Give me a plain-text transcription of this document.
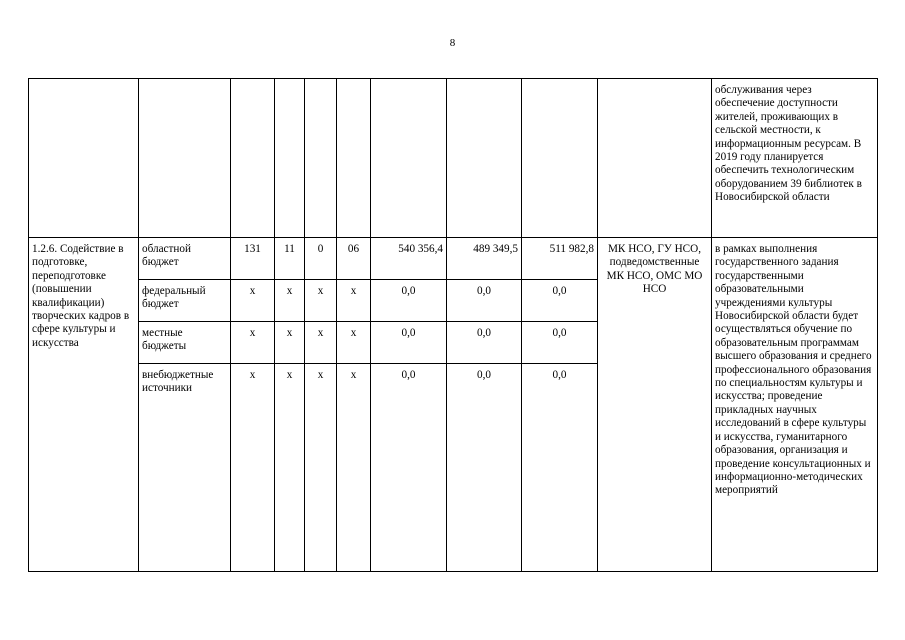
8
										обслуживания через обеспечение доступности жителей, проживающих в сельской местности, к информационным ресурсам. В 2019 году планируется обеспечить технологическим оборудованием 39 библиотек в Новосибирской области
1.2.6. Содействие в подготовке, переподготовке (повышении квалификации) творческих кадров в сфере культуры и искусства	областной бюджет	131	11	0	06	540 356,4	489 349,5	511 982,8	МК НСО, ГУ НСО, подведомственные МК НСО, ОМС МО НСО	в рамках выполнения государственного задания государственными образовательными учреждениями культуры Новосибирской области будет осуществляться обучение по образовательным программам высшего образования и среднего профессионального образования по специальностям культуры и искусства; проведение прикладных научных исследований в сфере культуры и искусства, гуманитарного образования, организация и проведение консультационных и информационно-методических мероприятий
	федеральный бюджет	х	х	х	х	0,0	0,0	0,0		
	местные бюджеты	х	х	х	х	0,0	0,0	0,0		
	внебюджетные источники	х	х	х	х	0,0	0,0	0,0		
